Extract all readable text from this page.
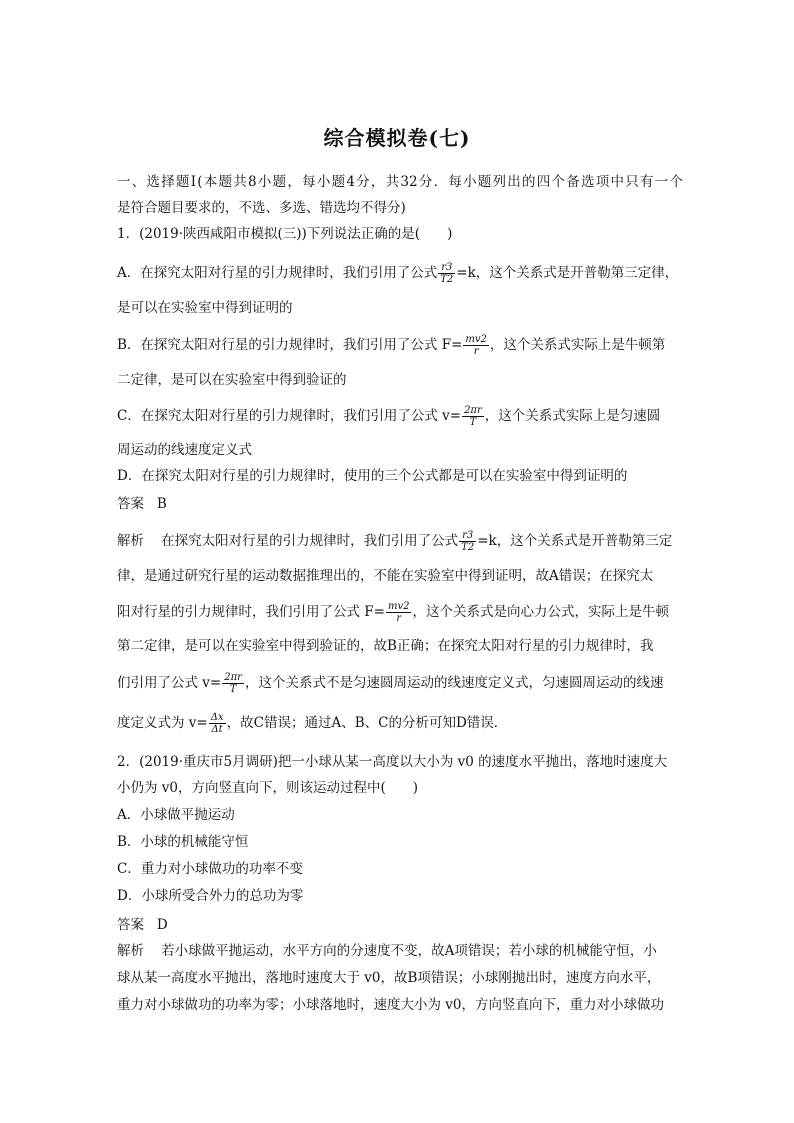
综合模拟卷(七)
一、选择题Ⅰ(本题共8小题，每小题4分，共32分．每小题列出的四个备选项中只有一个
是符合题目要求的，不选、多选、错选均不得分)
1．(2019·陕西咸阳市模拟(三))下列说法正确的是(　　)
A．在探究太阳对行星的引力规律时，我们引用了公式 $\frac{r3}{T2} =k$，这个关系式是开普勒第三定律，
是可以在实验室中得到证明的
B．在探究太阳对行星的引力规律时，我们引用了公式 $F= \frac{mv2}{r}$ ，这个关系式实际上是牛顿第
二定律，是可以在实验室中得到验证的
C．在探究太阳对行星的引力规律时，我们引用了公式 $v= \frac{2\pi r}{T}$ ，这个关系式实际上是匀速圆
周运动的线速度定义式
D．在探究太阳对行星的引力规律时，使用的三个公式都是可以在实验室中得到证明的
答案 B
解析 在探究太阳对行星的引力规律时，我们引用了公式 $\frac{r3}{T2} =k$，这个关系式是开普勒第三定
律，是通过研究行星的运动数据推理出的，不能在实验室中得到证明，故A错误；在探究太
阳对行星的引力规律时，我们引用了公式 $F= \frac{mv2}{r}$ ，这个关系式是向心力公式，实际上是牛顿
第二定律，是可以在实验室中得到验证的，故B正确；在探究太阳对行星的引力规律时，我
们引用了公式 $v= \frac{2\pi r}{T}$ ，这个关系式不是匀速圆周运动的线速度定义式，匀速圆周运动的线速
度定义式为 $v= \frac{\Delta x}{\Delta t}$ ，故C错误；通过A、B、C的分析可知D错误．
2．(2019·重庆市5月调研)把一小球从某一高度以大小为 v0 的速度水平抛出，落地时速度大
小仍为 v0，方向竖直向下，则该运动过程中(　　)
A．小球做平抛运动
B．小球的机械能守恒
C．重力对小球做功的功率不变
D．小球所受合外力的总功为零
答案 D
解析 若小球做平抛运动，水平方向的分速度不变，故A项错误；若小球的机械能守恒，小
球从某一高度水平抛出，落地时速度大于 v0，故B项错误；小球刚抛出时，速度方向水平，
重力对小球做功的功率为零；小球落地时，速度大小为 v0，方向竖直向下，重力对小球做功
